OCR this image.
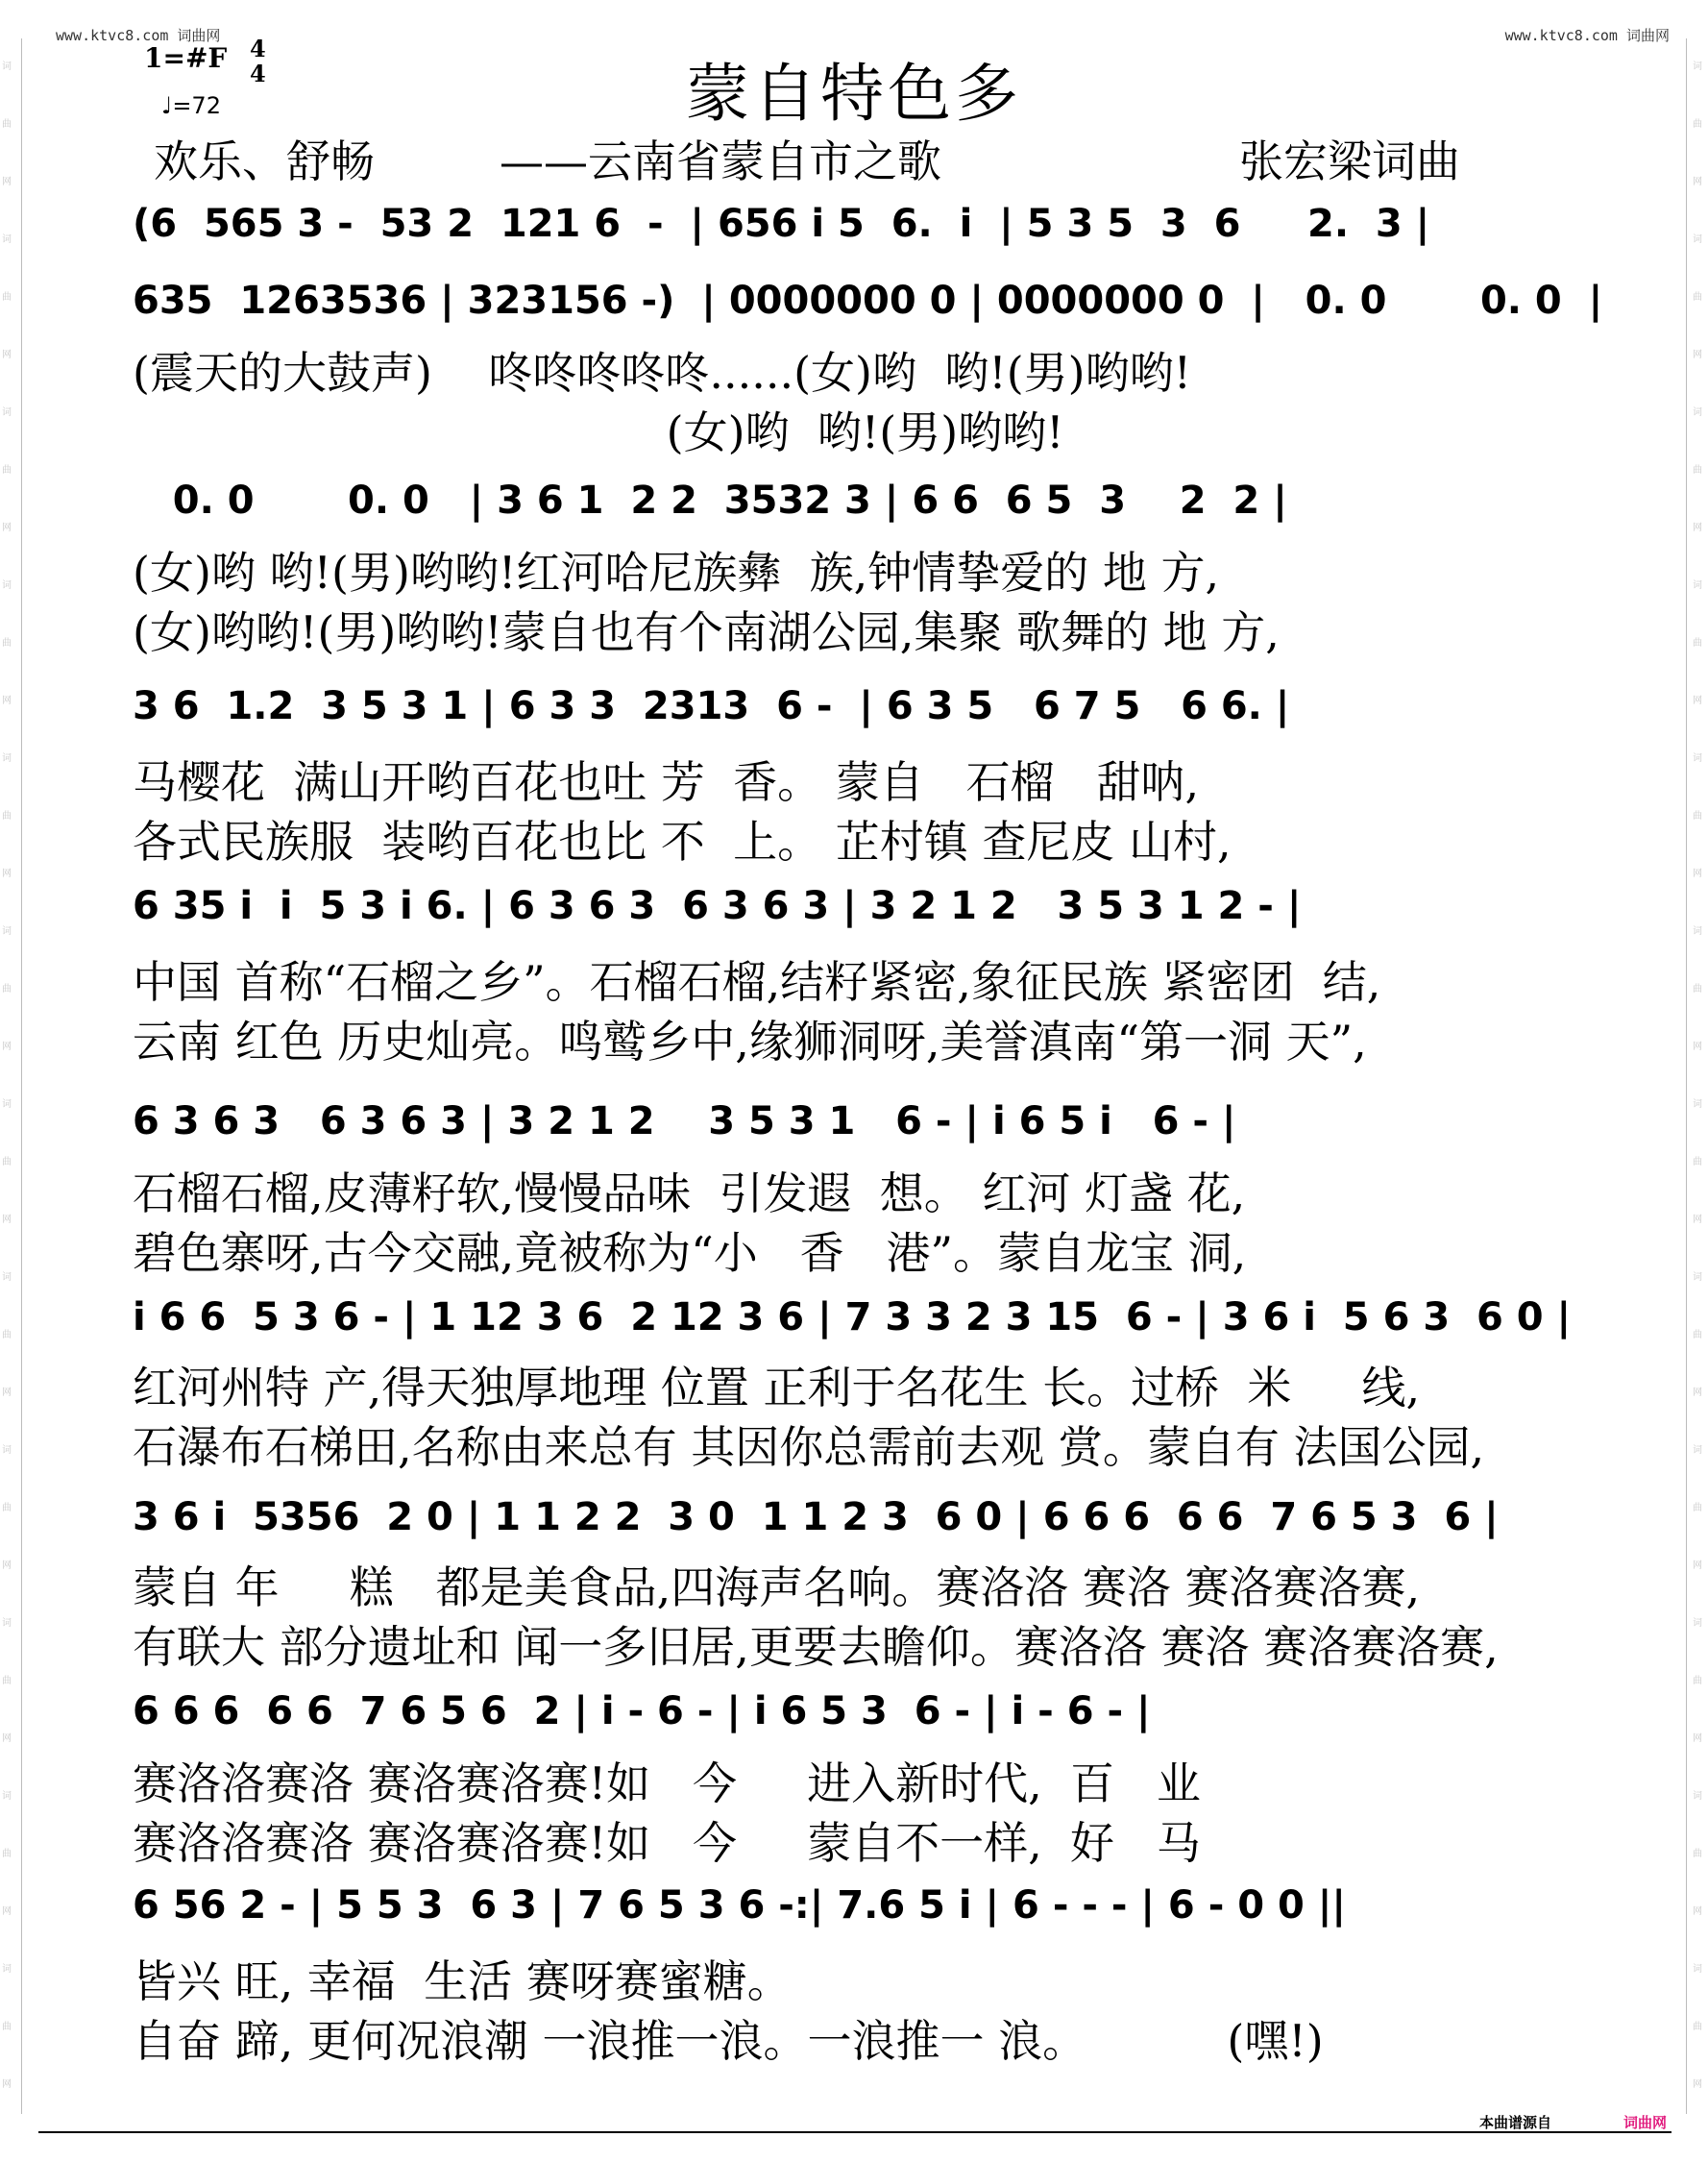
词曲网词曲网词曲网词曲网词曲网词曲网词曲网词曲网词曲网词曲网词曲网词曲网
词曲网词曲网词曲网词曲网词曲网词曲网词曲网词曲网词曲网词曲网词曲网词曲网
www.ktvc8.com 词曲网	www.ktvc8.com 词曲网
1=#F 4
4
♩=72	蒙自特色多
欢乐、舒畅	——云南省蒙自市之歌	张宏梁词曲
(6  565 3 -  53 2  121 6  -  | 656 i 5  6.  i  | 5 3 5  3  6     2.  3 |
635  1263536 | 323156 -)  | 0000000 0 | 0000000 0  |   0. 0       0. 0  |
(震天的大鼓声)    咚咚咚咚咚......(女)哟  哟!(男)哟哟!
(女)哟  哟!(男)哟哟!
0. 0       0. 0   | 3 6 1  2 2  3532 3 | 6 6  6 5  3    2  2 |
(女)哟 哟!(男)哟哟!红河哈尼族彝  族,钟情挚爱的 地 方,
(女)哟哟!(男)哟哟!蒙自也有个南湖公园,集聚 歌舞的 地 方,
3 6  1.2  3 5 3 1 | 6 3 3  2313  6 -  | 6 3 5   6 7 5   6 6. |
马樱花  满山开哟百花也吐 芳  香。 蒙自   石榴   甜呐,
各式民族服  装哟百花也比 不  上。 芷村镇 查尼皮 山村,
6 35 i  i  5 3 i 6. | 6 3 6 3  6 3 6 3 | 3 2 1 2   3 5 3 1 2 - |
中国 首称“石榴之乡”。石榴石榴,结籽紧密,象征民族 紧密团  结,
云南 红色 历史灿亮。鸣鹫乡中,缘狮洞呀,美誉滇南“第一洞 天”,
6 3 6 3   6 3 6 3 | 3 2 1 2    3 5 3 1   6 - | i 6 5 i   6 - |
石榴石榴,皮薄籽软,慢慢品味  引发遐  想。 红河 灯盏 花,
碧色寨呀,古今交融,竟被称为“小   香   港”。蒙自龙宝 洞,
i 6 6  5 3 6 - | 1 12 3 6  2 12 3 6 | 7 3 3 2 3 15  6 - | 3 6 i  5 6 3  6 0 |
红河州特 产,得天独厚地理 位置 正利于名花生 长。过桥  米     线,
石瀑布石梯田,名称由来总有 其因你总需前去观 赏。蒙自有 法国公园,
3 6 i  5356  2 0 | 1 1 2 2  3 0  1 1 2 3  6 0 | 6 6 6  6 6  7 6 5 3  6 |
蒙自 年     糕   都是美食品,四海声名响。赛洛洛 赛洛 赛洛赛洛赛,
有联大 部分遗址和 闻一多旧居,更要去瞻仰。赛洛洛 赛洛 赛洛赛洛赛,
6 6 6  6 6  7 6 5 6  2 | i - 6 - | i 6 5 3  6 - | i - 6 - |
赛洛洛赛洛 赛洛赛洛赛!如   今     进入新时代,  百   业
赛洛洛赛洛 赛洛赛洛赛!如   今     蒙自不一样,  好   马
6 56 2 - | 5 5 3  6 3 | 7 6 5 3 6 -:| 7.6 5 i | 6 - - - | 6 - 0 0 ||
皆兴 旺, 幸福  生活 赛呀赛蜜糖。
自奋 蹄, 更何况浪潮 一浪推一浪。一浪推一 浪。          (嘿!)
本曲谱源自	词曲网
